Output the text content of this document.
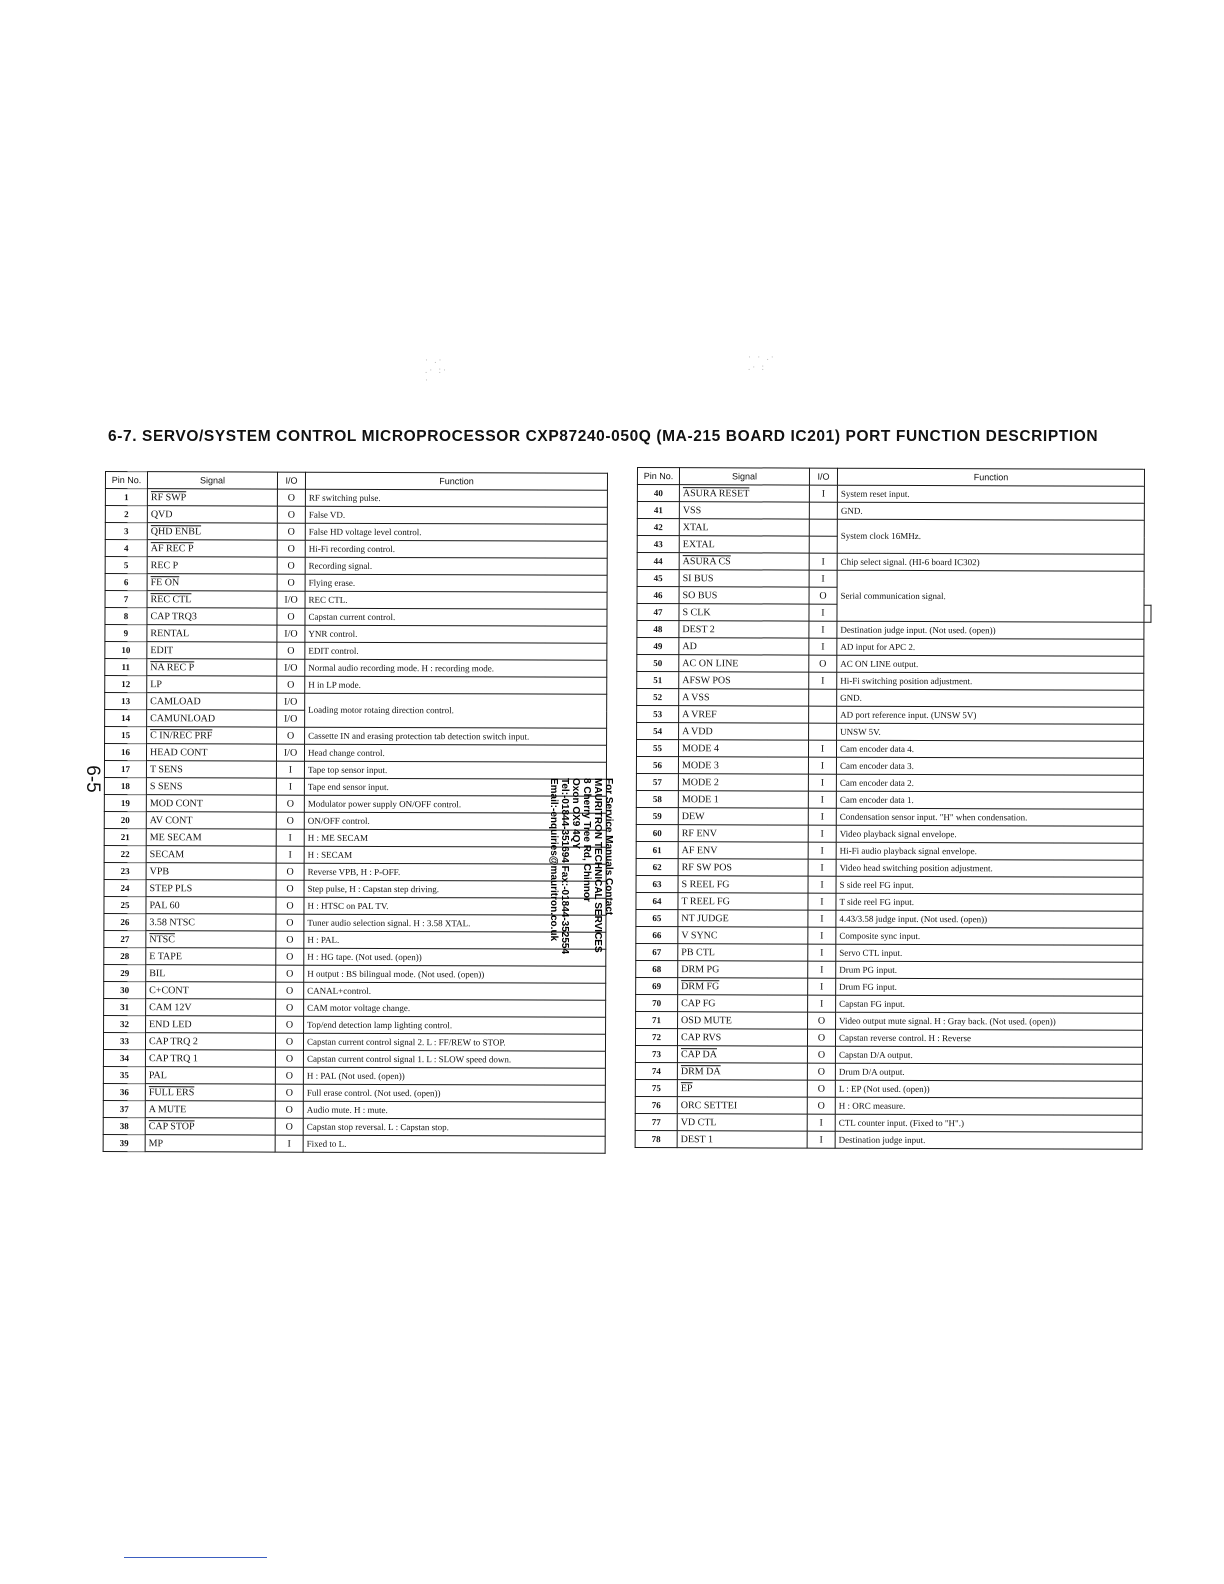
6-7. SERVO/SYSTEM CONTROL MICROPROCESSOR CXP87240-050Q (MA-215 BOARD IC201) PORT FUNCTION DESCRIPTION
6-5
· .·
.· :·
·
· · .·
.· :
Pin No.	Signal	I/O	Function
1	RF SWP	O	RF switching pulse.
2	QVD	O	False VD.
3	QHD ENBL	O	False HD voltage level control.
4	AF REC P	O	Hi-Fi recording control.
5	REC P	O	Recording signal.
6	FE ON	O	Flying erase.
7	REC CTL	I/O	REC CTL.
8	CAP TRQ3	O	Capstan current control.
9	RENTAL	I/O	YNR control.
10	EDIT	O	EDIT control.
11	NA REC P	I/O	Normal audio recording mode. H : recording mode.
12	LP	O	H in LP mode.
13	CAMLOAD	I/O	Loading motor rotaing direction control.
14	CAMUNLOAD	I/O	
15	C IN/REC PRF	O	Cassette IN and erasing protection tab detection switch input.
16	HEAD CONT	I/O	Head change control.
17	T SENS	I	Tape top sensor input.
18	S SENS	I	Tape end sensor input.
19	MOD CONT	O	Modulator power supply ON/OFF control.
20	AV CONT	O	ON/OFF control.
21	ME SECAM	I	H : ME SECAM
22	SECAM	I	H : SECAM
23	VPB	O	Reverse VPB, H : P-OFF.
24	STEP PLS	O	Step pulse, H : Capstan step driving.
25	PAL 60	O	H : HTSC on PAL TV.
26	3.58 NTSC	O	Tuner audio selection signal. H : 3.58 XTAL.
27	NTSC	O	H : PAL.
28	E TAPE	O	H : HG tape. (Not used. (open))
29	BIL	O	H output : BS bilingual mode. (Not used. (open))
30	C+CONT	O	CANAL+control.
31	CAM 12V	O	CAM motor voltage change.
32	END LED	O	Top/end detection lamp lighting control.
33	CAP TRQ 2	O	Capstan current control signal 2. L : FF/REW to STOP.
34	CAP TRQ 1	O	Capstan current control signal 1. L : SLOW speed down.
35	PAL	O	H : PAL (Not used. (open))
36	FULL ERS	O	Full erase control. (Not used. (open))
37	A MUTE	O	Audio mute. H : mute.
38	CAP STOP	O	Capstan stop reversal. L : Capstan stop.
39	MP	I	Fixed to L.
Pin No.	Signal	I/O	Function	
40	ASURA RESET	I	System reset input.	
41	VSS		GND.	
42	XTAL		System clock 16MHz.	
43	EXTAL			
44	ASURA CS	I	Chip select signal. (HI-6 board IC302)	
45	SI BUS	I	Serial communication signal.	
46	SO BUS	O		
47	S CLK	I		
48	DEST 2	I	Destination judge input. (Not used. (open))	
49	AD	I	AD input for APC 2.	
50	AC ON LINE	O	AC ON LINE output.	
51	AFSW POS	I	Hi-Fi switching position adjustment.	
52	A VSS		GND.	
53	A VREF		AD port reference input. (UNSW 5V)	
54	A VDD		UNSW 5V.	
55	MODE 4	I	Cam encoder data 4.	
56	MODE 3	I	Cam encoder data 3.	
57	MODE 2	I	Cam encoder data 2.	
58	MODE 1	I	Cam encoder data 1.	
59	DEW	I	Condensation sensor input. "H" when condensation.	
60	RF ENV	I	Video playback signal envelope.	
61	AF ENV	I	Hi-Fi audio playback signal envelope.	
62	RF SW POS	I	Video head switching position adjustment.	
63	S REEL FG	I	S side reel FG input.	
64	T REEL FG	I	T side reel FG input.	
65	NT JUDGE	I	4.43/3.58 judge input. (Not used. (open))	
66	V SYNC	I	Composite sync input.	
67	PB CTL	I	Servo CTL input.	
68	DRM PG	I	Drum PG input.	
69	DRM FG	I	Drum FG input.	
70	CAP FG	I	Capstan FG input.	
71	OSD MUTE	O	Video output mute signal. H : Gray back. (Not used. (open))	
72	CAP RVS	O	Capstan reverse control. H : Reverse	
73	CAP DA	O	Capstan D/A output.	
74	DRM DA	O	Drum D/A output.	
75	$\overline{EP}$	O	L : EP (Not used. (open))	
76	ORC SETTEI	O	H : ORC measure.	
77	VD CTL	I	CTL counter input. (Fixed to "H".)	
78	DEST 1	I	Destination judge input.	
For Service Manuals Contact
MAURITRON TECHNICAL SERVICES
8 Cherry Tree Rd, Chinnor
Oxon OX9 4QY
Tel:-01844-351694 Fax:-01844-352554
Email:-enquiries@mauritron.co.uk
